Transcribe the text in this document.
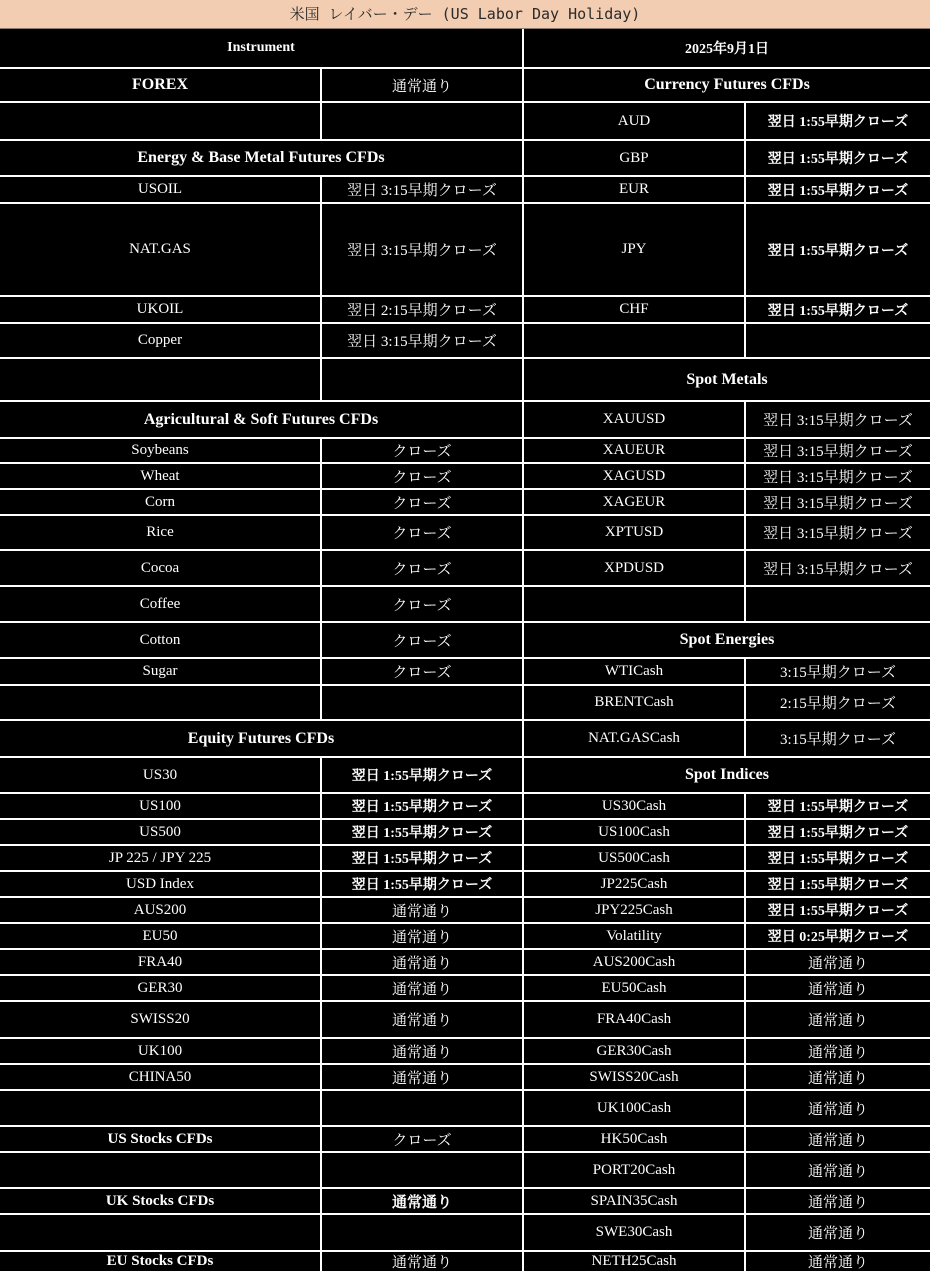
米国 レイバー・デー (US Labor Day Holiday)
Instrument	2025年9月1日
FOREX	通常通り
Energy & Base Metal Futures CFDs
USOIL	翌日 3:15早期クローズ
NAT.GAS	翌日 3:15早期クローズ
UKOIL	翌日 2:15早期クローズ
Copper	翌日 3:15早期クローズ
Agricultural & Soft Futures CFDs
Soybeans	クローズ
Wheat	クローズ
Corn	クローズ
Rice	クローズ
Cocoa	クローズ
Coffee	クローズ
Cotton	クローズ
Sugar	クローズ
Equity Futures CFDs
US30	翌日 1:55早期クローズ
US100	翌日 1:55早期クローズ
US500	翌日 1:55早期クローズ
JP 225 / JPY 225	翌日 1:55早期クローズ
USD Index	翌日 1:55早期クローズ
AUS200	通常通り
EU50	通常通り
FRA40	通常通り
GER30	通常通り
SWISS20	通常通り
UK100	通常通り
CHINA50	通常通り
US Stocks CFDs	クローズ
UK Stocks CFDs	通常通り
EU Stocks CFDs	通常通り
Currency Futures CFDs
AUD	翌日 1:55早期クローズ
GBP	翌日 1:55早期クローズ
EUR	翌日 1:55早期クローズ
JPY	翌日 1:55早期クローズ
CHF	翌日 1:55早期クローズ
Spot Metals
XAUUSD	翌日 3:15早期クローズ
XAUEUR	翌日 3:15早期クローズ
XAGUSD	翌日 3:15早期クローズ
XAGEUR	翌日 3:15早期クローズ
XPTUSD	翌日 3:15早期クローズ
XPDUSD	翌日 3:15早期クローズ
Spot Energies
WTICash	3:15早期クローズ
BRENTCash	2:15早期クローズ
NAT.GASCash	3:15早期クローズ
Spot Indices
US30Cash	翌日 1:55早期クローズ
US100Cash	翌日 1:55早期クローズ
US500Cash	翌日 1:55早期クローズ
JP225Cash	翌日 1:55早期クローズ
JPY225Cash	翌日 1:55早期クローズ
Volatility	翌日 0:25早期クローズ
AUS200Cash	通常通り
EU50Cash	通常通り
FRA40Cash	通常通り
GER30Cash	通常通り
SWISS20Cash	通常通り
UK100Cash	通常通り
HK50Cash	通常通り
PORT20Cash	通常通り
SPAIN35Cash	通常通り
SWE30Cash	通常通り
NETH25Cash	通常通り
